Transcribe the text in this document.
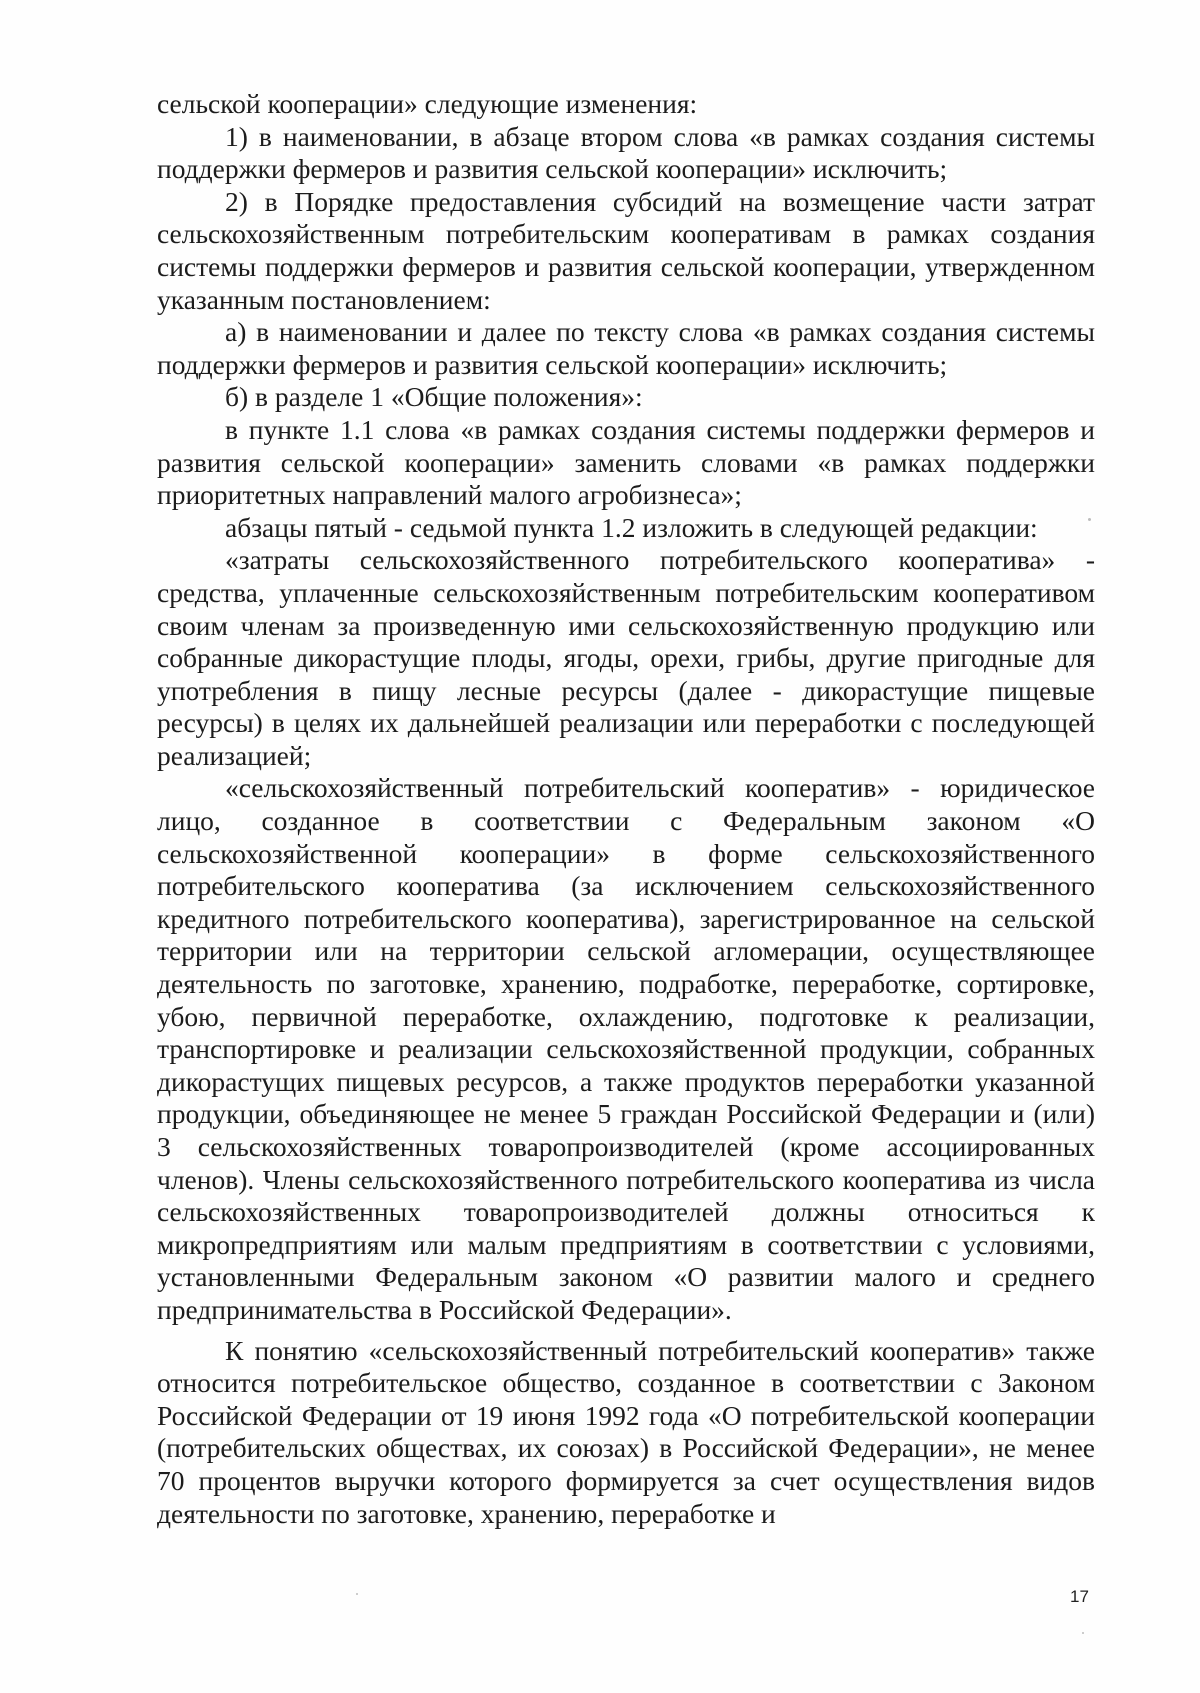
сельской кооперации» следующие изменения:

1) в наименовании, в абзаце втором слова «в рамках создания системы поддержки фермеров и развития сельской кооперации» исключить;

2) в Порядке предоставления субсидий на возмещение части затрат сельскохозяйственным потребительским кооперативам в рамках создания системы поддержки фермеров и развития сельской кооперации, утвержденном указанным постановлением:

а) в наименовании и далее по тексту слова «в рамках создания системы поддержки фермеров и развития сельской кооперации» исключить;

б) в разделе 1 «Общие положения»:

в пункте 1.1 слова «в рамках создания системы поддержки фермеров и развития сельской кооперации» заменить словами «в рамках поддержки приоритетных направлений малого агробизнеса»;

абзацы пятый - седьмой пункта 1.2 изложить в следующей редакции:

«затраты сельскохозяйственного потребительского кооператива» - средства, уплаченные сельскохозяйственным потребительским кооперативом своим членам за произведенную ими сельскохозяйственную продукцию или собранные дикорастущие плоды, ягоды, орехи, грибы, другие пригодные для употребления в пищу лесные ресурсы (далее - дикорастущие пищевые ресурсы) в целях их дальнейшей реализации или переработки с последующей реализацией;

«сельскохозяйственный потребительский кооператив» - юридическое лицо, созданное в соответствии с Федеральным законом «О сельскохозяйственной кооперации» в форме сельскохозяйственного потребительского кооператива (за исключением сельскохозяйственного кредитного потребительского кооператива), зарегистрированное на сельской территории или на территории сельской агломерации, осуществляющее деятельность по заготовке, хранению, подработке, переработке, сортировке, убою, первичной переработке, охлаждению, подготовке к реализации, транспортировке и реализации сельскохозяйственной продукции, собранных дикорастущих пищевых ресурсов, а также продуктов переработки указанной продукции, объединяющее не менее 5 граждан Российской Федерации и (или) 3 сельскохозяйственных товаропроизводителей (кроме ассоциированных членов). Члены сельскохозяйственного потребительского кооператива из числа сельскохозяйственных товаропроизводителей должны относиться к микропредприятиям или малым предприятиям в соответствии с условиями, установленными Федеральным законом «О развитии малого и среднего предпринимательства в Российской Федерации».

К понятию «сельскохозяйственный потребительский кооператив» также относится потребительское общество, созданное в соответствии с Законом Российской Федерации от 19 июня 1992 года «О потребительской кооперации (потребительских обществах, их союзах) в Российской Федерации», не менее 70 процентов выручки которого формируется за счет осуществления видов деятельности по заготовке, хранению, переработке и

17
